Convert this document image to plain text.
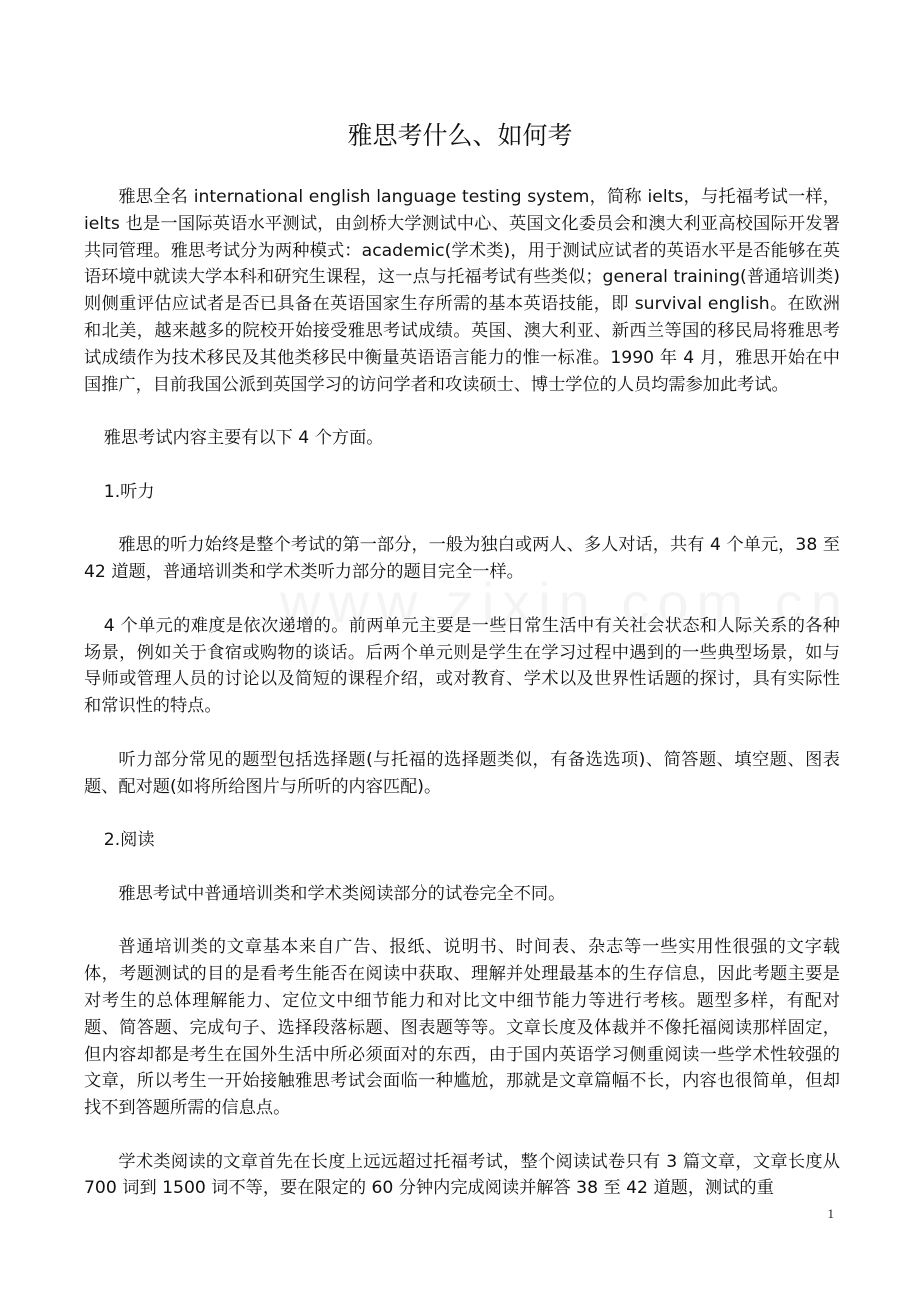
雅思考什么、如何考

雅思全名 international english language testing system，简称 ielts，与托福考试一样，ielts 也是一国际英语水平测试，由剑桥大学测试中心、英国文化委员会和澳大利亚高校国际开发署共同管理。雅思考试分为两种模式：academic(学术类)，用于测试应试者的英语水平是否能够在英语环境中就读大学本科和研究生课程，这一点与托福考试有些类似；general training(普通培训类)则侧重评估应试者是否已具备在英语国家生存所需的基本英语技能，即 survival english。在欧洲和北美，越来越多的院校开始接受雅思考试成绩。英国、澳大利亚、新西兰等国的移民局将雅思考试成绩作为技术移民及其他类移民中衡量英语语言能力的惟一标准。1990 年 4 月，雅思开始在中国推广，目前我国公派到英国学习的访问学者和攻读硕士、博士学位的人员均需参加此考试。

雅思考试内容主要有以下 4 个方面。

1.听力

雅思的听力始终是整个考试的第一部分，一般为独白或两人、多人对话，共有 4 个单元，38 至 42 道题，普通培训类和学术类听力部分的题目完全一样。

4 个单元的难度是依次递增的。前两单元主要是一些日常生活中有关社会状态和人际关系的各种场景，例如关于食宿或购物的谈话。后两个单元则是学生在学习过程中遇到的一些典型场景，如与导师或管理人员的讨论以及简短的课程介绍，或对教育、学术以及世界性话题的探讨，具有实际性和常识性的特点。

听力部分常见的题型包括选择题(与托福的选择题类似，有备选选项)、简答题、填空题、图表题、配对题(如将所给图片与所听的内容匹配)。

2.阅读

雅思考试中普通培训类和学术类阅读部分的试卷完全不同。

普通培训类的文章基本来自广告、报纸、说明书、时间表、杂志等一些实用性很强的文字载体，考题测试的目的是看考生能否在阅读中获取、理解并处理最基本的生存信息，因此考题主要是对考生的总体理解能力、定位文中细节能力和对比文中细节能力等进行考核。题型多样，有配对题、简答题、完成句子、选择段落标题、图表题等等。文章长度及体裁并不像托福阅读那样固定，但内容却都是考生在国外生活中所必须面对的东西，由于国内英语学习侧重阅读一些学术性较强的文章，所以考生一开始接触雅思考试会面临一种尴尬，那就是文章篇幅不长，内容也很简单，但却找不到答题所需的信息点。

学术类阅读的文章首先在长度上远远超过托福考试，整个阅读试卷只有 3 篇文章，文章长度从 700 词到 1500 词不等，要在限定的 60 分钟内完成阅读并解答 38 至 42 道题，测试的重

1
